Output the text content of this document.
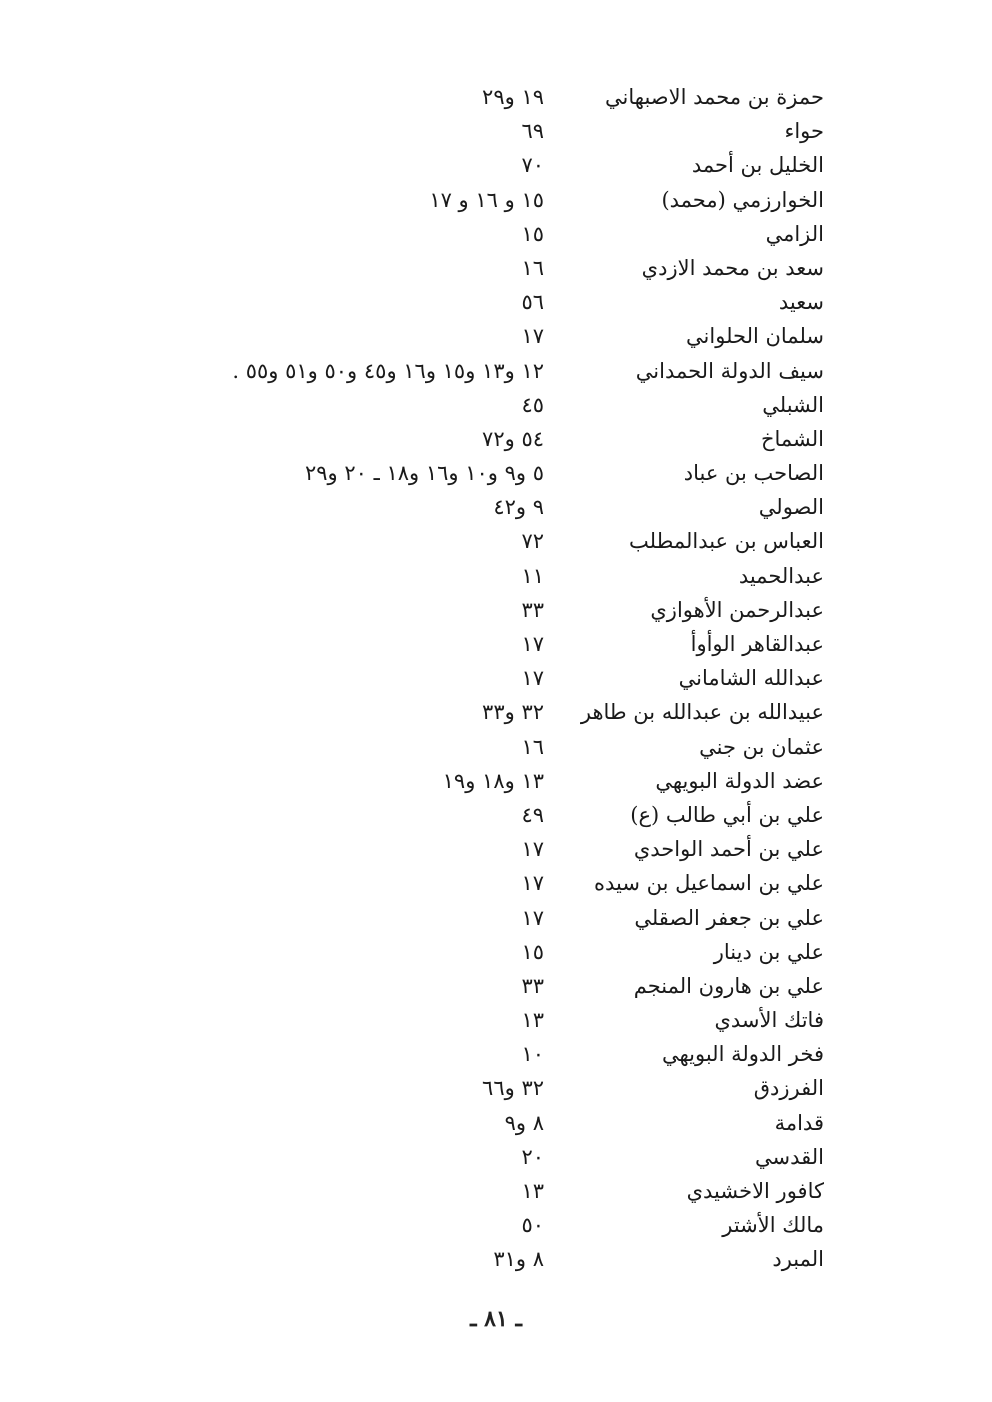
حمزة بن محمد الاصبهاني
١٩ و٢٩
حواء
٦٩
الخليل بن أحمد
٧٠
الخوارزمي (محمد)
١٥ و ١٦ و ١٧
الزامي
١٥
سعد بن محمد الازدي
١٦
سعيد
٥٦
سلمان الحلواني
١٧
سيف الدولة الحمداني
١٢ و١٣ و١٥ و١٦ و٤٥ و٥٠ و٥١ و٥٥ .
الشبلي
٤٥
الشماخ
٥٤ و٧٢
الصاحب بن عباد
٥ و٩ و١٠ و١٦ و١٨ ـ ٢٠ و٢٩
الصولي
٩ و٤٢
العباس بن عبدالمطلب
٧٢
عبدالحميد
١١
عبدالرحمن الأهوازي
٣٣
عبدالقاهر الوأوأ
١٧
عبدالله الشاماني
١٧
عبيدالله بن عبدالله بن طاهر
٣٢ و٣٣
عثمان بن جني
١٦
عضد الدولة البويهي
١٣ و١٨ و١٩
علي بن أبي طالب (ع)
٤٩
علي بن أحمد الواحدي
١٧
علي بن اسماعيل بن سيده
١٧
علي بن جعفر الصقلي
١٧
علي بن دينار
١٥
علي بن هارون المنجم
٣٣
فاتك الأسدي
١٣
فخر الدولة البويهي
١٠
الفرزدق
٣٢ و٦٦
قدامة
٨ و٩
القدسي
٢٠
كافور الاخشيدي
١٣
مالك الأشتر
٥٠
المبرد
٨ و٣١
ـ ٨١ ـ
